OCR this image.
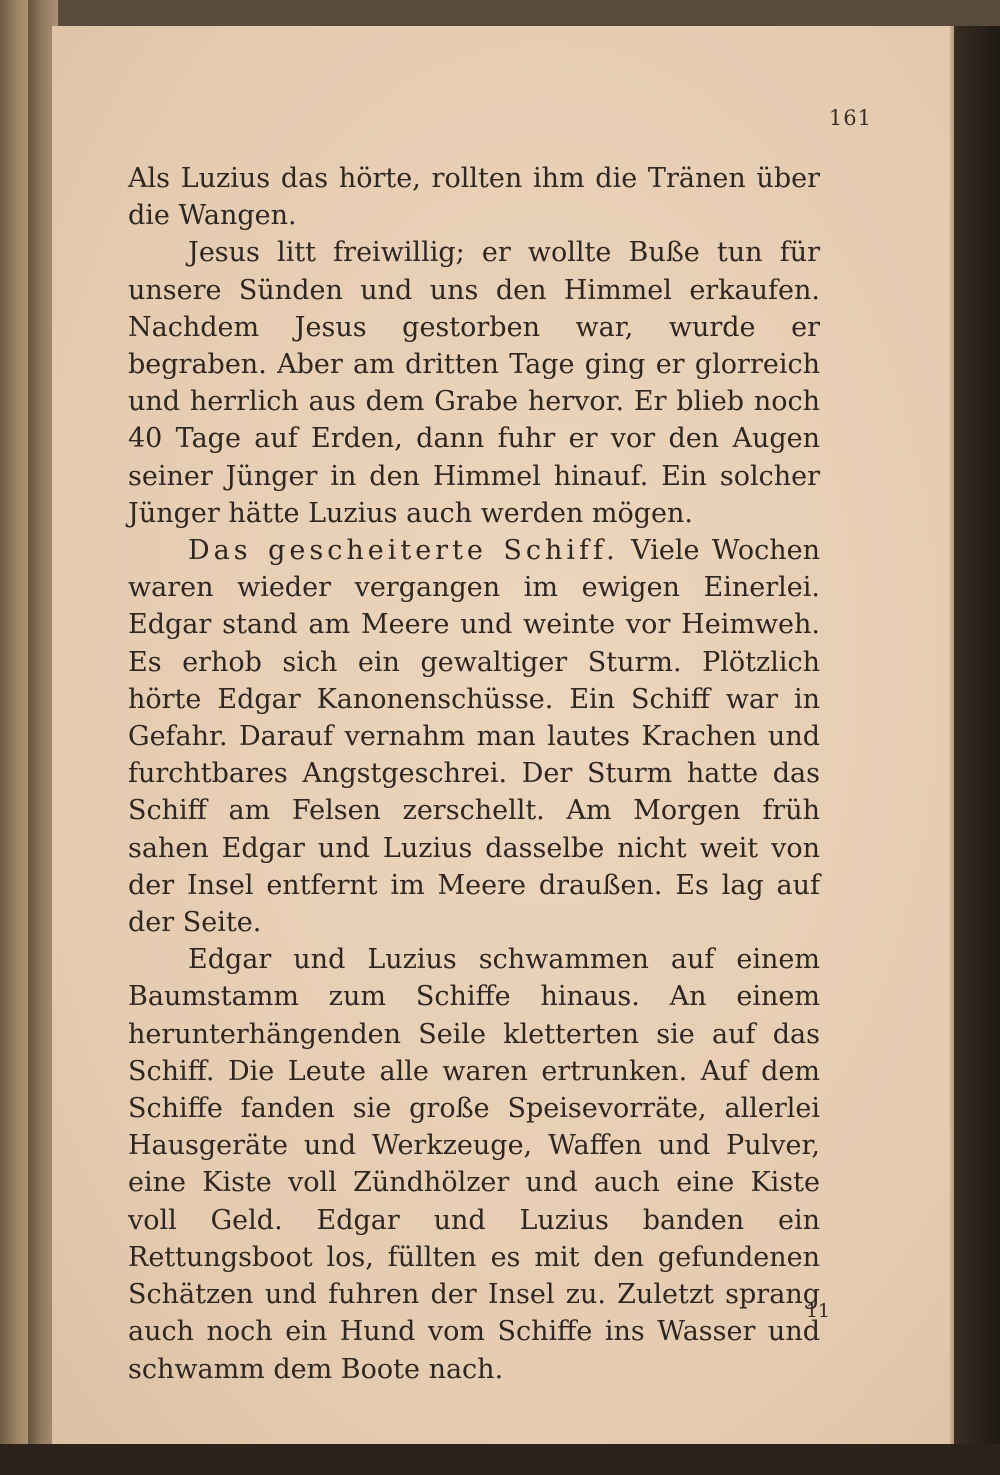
161

Als Luzius das hörte, rollten ihm die Tränen über die Wangen.

Jesus litt freiwillig; er wollte Buße tun für unsere Sünden und uns den Himmel erkaufen. Nachdem Jesus gestorben war, wurde er begraben. Aber am dritten Tage ging er glorreich und herrlich aus dem Grabe hervor. Er blieb noch 40 Tage auf Erden, dann fuhr er vor den Augen seiner Jünger in den Himmel hinauf. Ein solcher Jünger hätte Luzius auch werden mögen.

Das gescheiterte Schiff. Viele Wochen waren wieder vergangen im ewigen Einerlei. Edgar stand am Meere und weinte vor Heimweh. Es erhob sich ein gewaltiger Sturm. Plötzlich hörte Edgar Kanonenschüsse. Ein Schiff war in Gefahr. Darauf vernahm man lautes Krachen und furchtbares Angstgeschrei. Der Sturm hatte das Schiff am Felsen zerschellt. Am Morgen früh sahen Edgar und Luzius dasselbe nicht weit von der Insel entfernt im Meere draußen. Es lag auf der Seite.

Edgar und Luzius schwammen auf einem Baumstamm zum Schiffe hinaus. An einem herunterhängenden Seile kletterten sie auf das Schiff. Die Leute alle waren ertrunken. Auf dem Schiffe fanden sie große Speisevorräte, allerlei Hausgeräte und Werkzeuge, Waffen und Pulver, eine Kiste voll Zündhölzer und auch eine Kiste voll Geld. Edgar und Luzius banden ein Rettungsboot los, füllten es mit den gefundenen Schätzen und fuhren der Insel zu. Zuletzt sprang auch noch ein Hund vom Schiffe ins Wasser und schwamm dem Boote nach.

11
